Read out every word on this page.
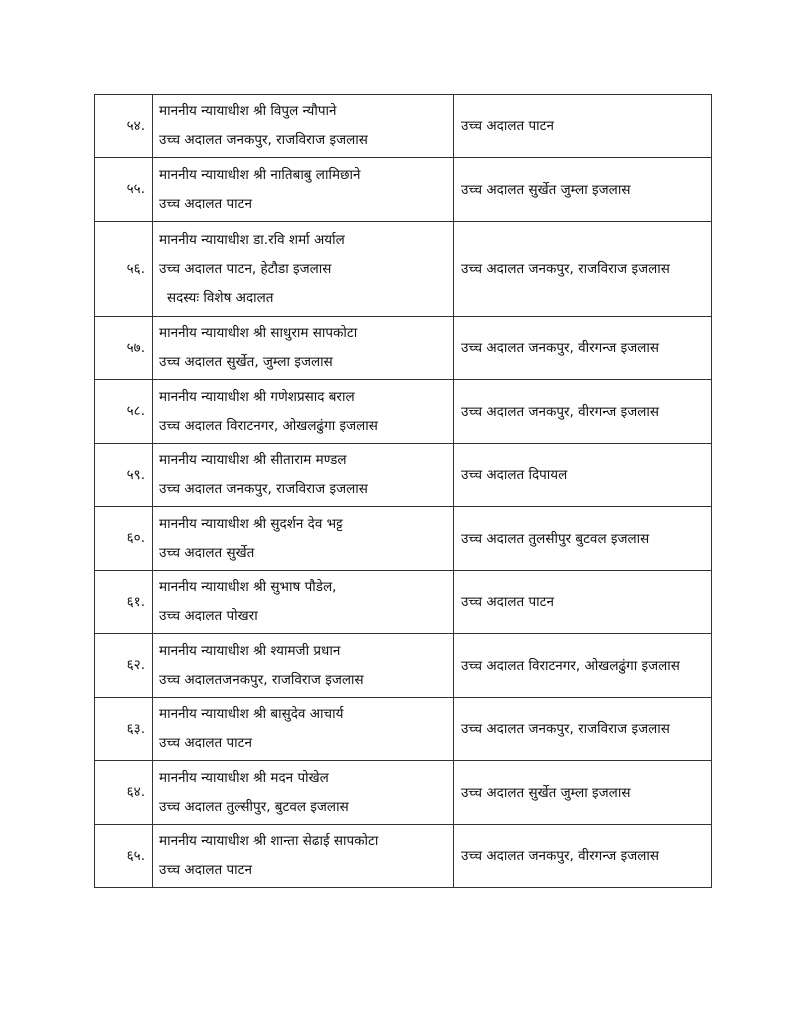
५४.	माननीय न्यायाधीश श्री विपुल न्यौपाने
उच्च अदालत जनकपुर, राजविराज इजलास	उच्च अदालत पाटन
५५.	माननीय न्यायाधीश श्री नातिबाबु लामिछाने
उच्च अदालत पाटन	उच्च अदालत सुर्खेत जुम्ला इजलास
५६.	माननीय न्यायाधीश डा.रवि शर्मा अर्याल
उच्च अदालत पाटन, हेटौडा इजलास
सदस्यः विशेष अदालत	उच्च अदालत जनकपुर, राजविराज इजलास
५७.	माननीय न्यायाधीश श्री साधुराम सापकोटा
उच्च अदालत सुर्खेत, जुम्ला इजलास	उच्च अदालत जनकपुर, वीरगन्ज इजलास
५८.	माननीय न्यायाधीश श्री गणेशप्रसाद बराल
उच्च अदालत विराटनगर, ओखलढुंगा इजलास	उच्च अदालत जनकपुर, वीरगन्ज इजलास
५९.	माननीय न्यायाधीश श्री सीताराम मण्डल
उच्च अदालत जनकपुर, राजविराज इजलास	उच्च अदालत दिपायल
६०.	माननीय न्यायाधीश श्री सुदर्शन देव भट्ट
उच्च अदालत सुर्खेत	उच्च अदालत तुलसीपुर बुटवल इजलास
६१.	माननीय न्यायाधीश श्री सुभाष पौडेल,
उच्च अदालत पोखरा	उच्च अदालत पाटन
६२.	माननीय न्यायाधीश श्री श्यामजी प्रधान
उच्च अदालतजनकपुर, राजविराज इजलास	उच्च अदालत विराटनगर, ओखलढुंगा इजलास
६३.	माननीय न्यायाधीश श्री बासुदेव आचार्य
उच्च अदालत पाटन	उच्च अदालत जनकपुर, राजविराज इजलास
६४.	माननीय न्यायाधीश श्री मदन पोखेल
उच्च अदालत तुल्सीपुर, बुटवल इजलास	उच्च अदालत सुर्खेत जुम्ला इजलास
६५.	माननीय न्यायाधीश श्री शान्ता सेढाई सापकोटा
उच्च अदालत पाटन	उच्च अदालत जनकपुर, वीरगन्ज इजलास
